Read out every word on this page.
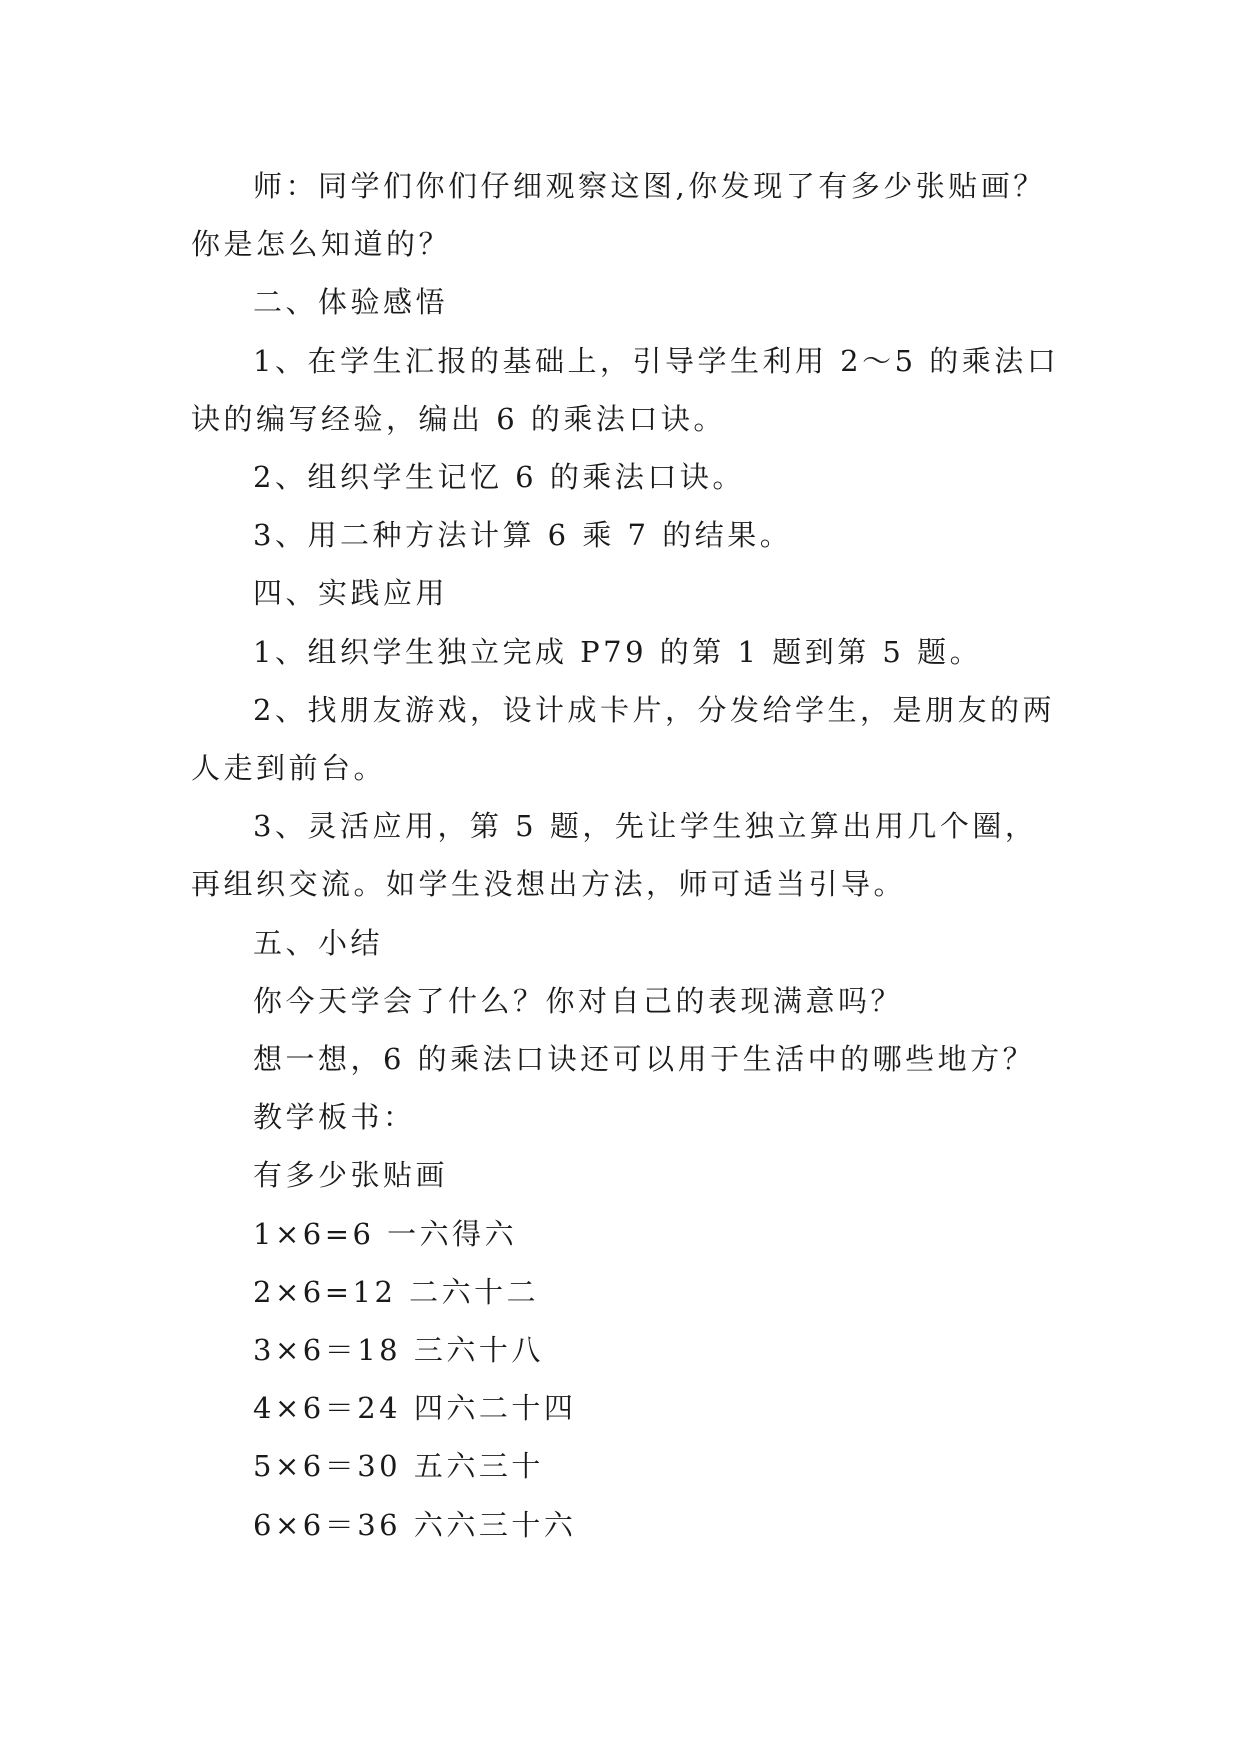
师：同学们你们仔细观察这图,你发现了有多少张贴画？你是怎么知道的？

二、体验感悟

1、在学生汇报的基础上，引导学生利用 2～5 的乘法口诀的编写经验，编出 6 的乘法口诀。

2、组织学生记忆 6 的乘法口诀。

3、用二种方法计算 6 乘 7 的结果。

四、实践应用

1、组织学生独立完成 P79 的第 1 题到第 5 题。

2、找朋友游戏，设计成卡片，分发给学生，是朋友的两人走到前台。

3、灵活应用，第 5 题，先让学生独立算出用几个圈，再组织交流。如学生没想出方法，师可适当引导。

五、小结

你今天学会了什么？你对自己的表现满意吗？

想一想，6 的乘法口诀还可以用于生活中的哪些地方？

教学板书：

有多少张贴画

1×6=6 一六得六

2×6=12 二六十二

3×6＝18 三六十八

4×6＝24 四六二十四

5×6＝30 五六三十

6×6＝36 六六三十六
